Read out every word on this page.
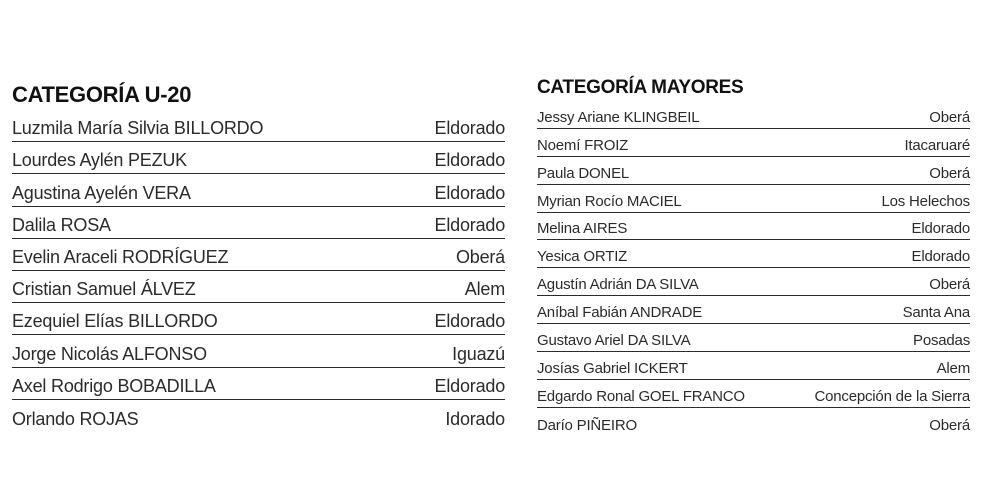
CATEGORÍA U-20
Luzmila María Silvia BILLORDO	Eldorado
Lourdes Aylén PEZUK	Eldorado
Agustina Ayelén VERA	Eldorado
Dalila ROSA	Eldorado
Evelin Araceli RODRÍGUEZ	Oberá
Cristian Samuel ÁLVEZ	Alem
Ezequiel Elías BILLORDO	Eldorado
Jorge Nicolás ALFONSO	Iguazú
Axel Rodrigo BOBADILLA	Eldorado
Orlando ROJAS	Idorado
CATEGORÍA MAYORES
Jessy Ariane KLINGBEIL	Oberá
Noemí FROIZ	Itacaruaré
Paula DONEL	Oberá
Myrian Rocío MACIEL	Los Helechos
Melina AIRES	Eldorado
Yesica ORTIZ	Eldorado
Agustín Adrián DA SILVA	Oberá
Aníbal Fabián ANDRADE	Santa Ana
Gustavo Ariel DA SILVA	Posadas
Josías Gabriel ICKERT	Alem
Edgardo Ronal GOEL FRANCO	Concepción de la Sierra
Darío PIÑEIRO	Oberá
